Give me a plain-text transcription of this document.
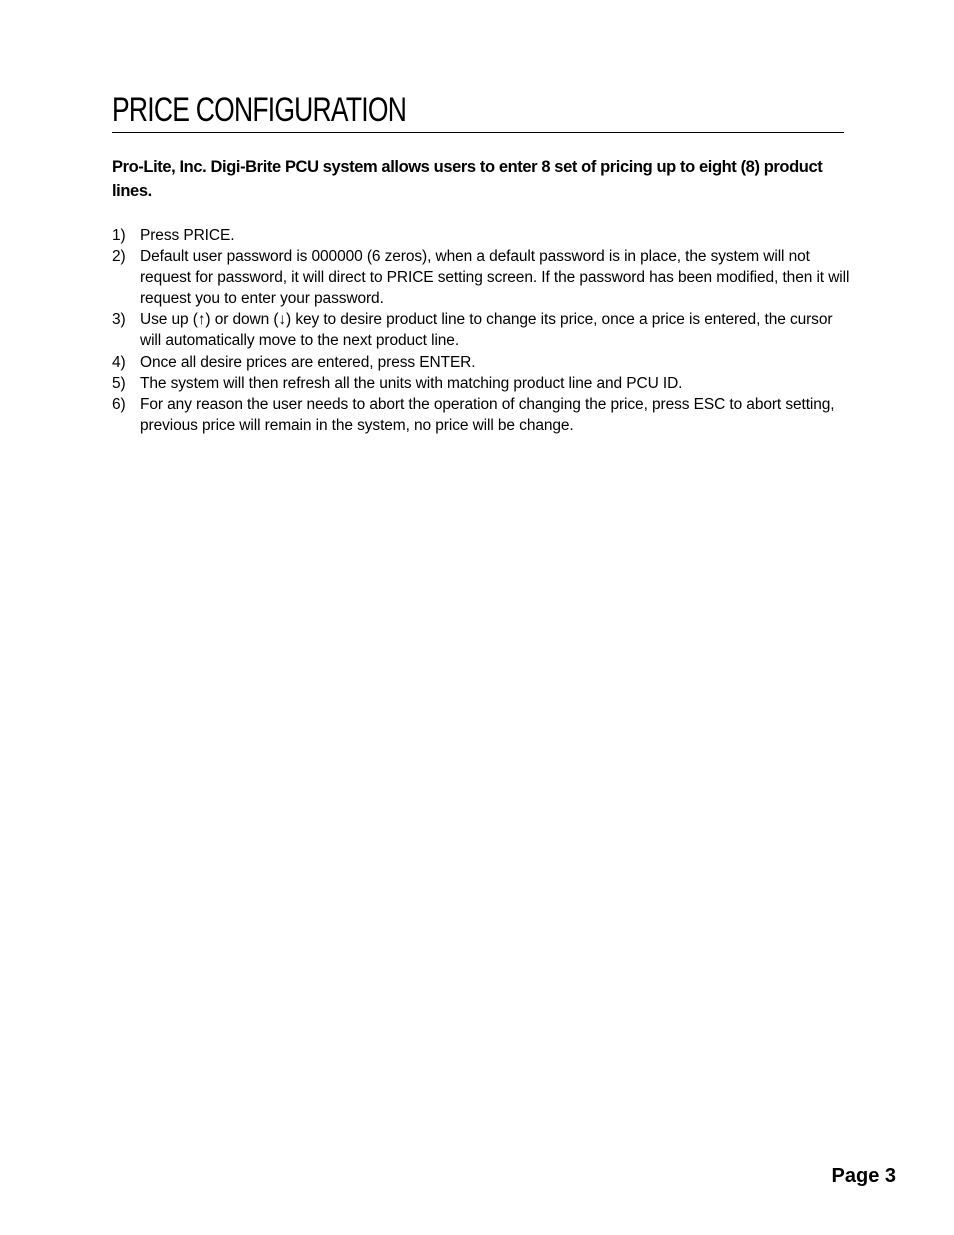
PRICE CONFIGURATION

Pro-Lite, Inc. Digi-Brite PCU system allows users to enter 8 set of pricing up to eight (8) product lines.

1) Press PRICE.
2) Default user password is 000000 (6 zeros), when a default password is in place, the system will not request for password, it will direct to PRICE setting screen. If the password has been modified, then it will request you to enter your password.
3) Use up (↑) or down (↓) key to desire product line to change its price, once a price is entered, the cursor will automatically move to the next product line.
4) Once all desire prices are entered, press ENTER.
5) The system will then refresh all the units with matching product line and PCU ID.
6) For any reason the user needs to abort the operation of changing the price, press ESC to abort setting, previous price will remain in the system, no price will be change.
Page 3
